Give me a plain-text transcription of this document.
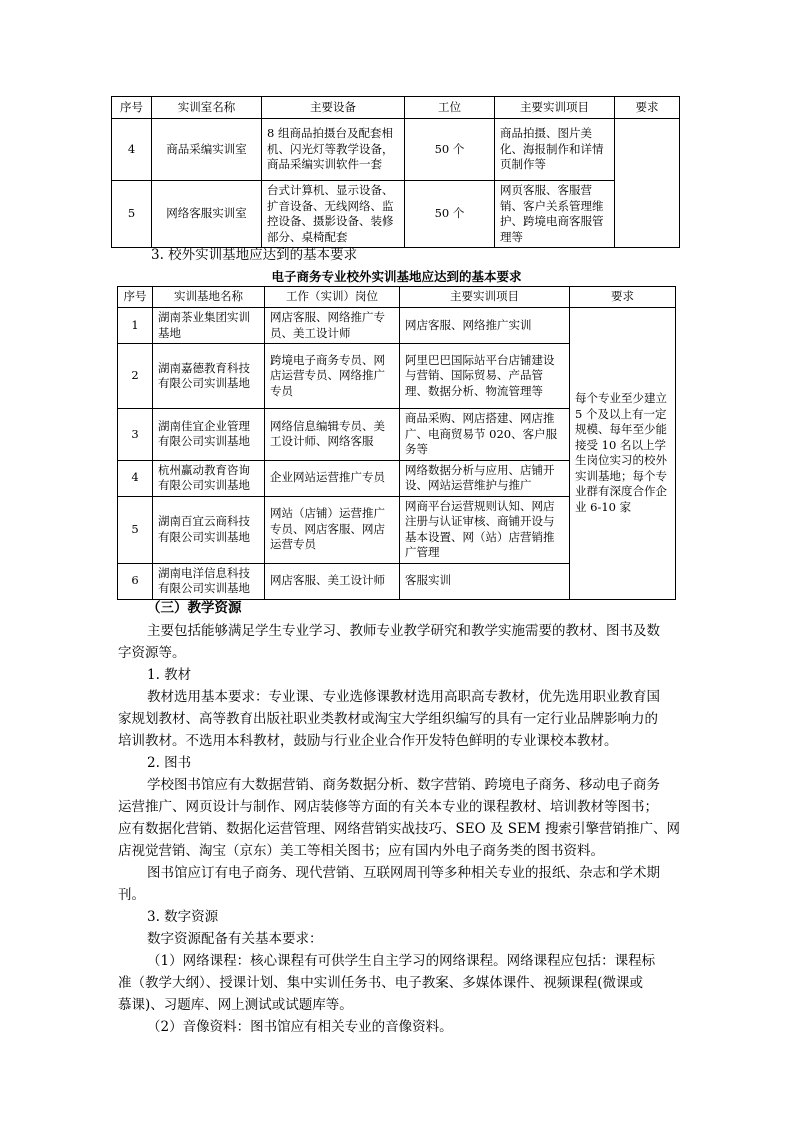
序号	实训室名称	主要设备	工位	主要实训项目	要求
4	商品采编实训室	8 组商品拍摄台及配套相机、闪光灯等教学设备，商品采编实训软件一套	50 个	商品拍摄、图片美化、海报制作和详情页制作等	
5	网络客服实训室	台式计算机、显示设备、扩音设备、无线网络、监控设备、摄影设备、装修部分、桌椅配套	50 个	网页客服、客服营销、客户关系管理维护、跨境电商客服管理等	
3. 校外实训基地应达到的基本要求
电子商务专业校外实训基地应达到的基本要求
序号	实训基地名称	工作（实训）岗位	主要实训项目	要求
1	湖南茶业集团实训基地	网店客服、网络推广专员、美工设计师	网店客服、网络推广实训	每个专业至少建立 5 个及以上有一定规模、每年至少能接受 10 名以上学生岗位实习的校外实训基地；每个专业群有深度合作企业 6-10 家
2	湖南嘉德教育科技有限公司实训基地	跨境电子商务专员、网店运营专员、网络推广专员	阿里巴巴国际站平台店铺建设与营销、国际贸易、产品管理、数据分析、物流管理等	
3	湖南佳宜企业管理有限公司实训基地	网络信息编辑专员、美工设计师、网络客服	商品采购、网店搭建、网店推广、电商贸易节 020、客户服务等	
4	杭州赢动教育咨询有限公司实训基地	企业网站运营推广专员	网络数据分析与应用、店铺开设、网站运营维护与推广	
5	湖南百宜云商科技有限公司实训基地	网站（店铺）运营推广专员、网店客服、网店运营专员	网商平台运营规则认知、网店注册与认证审核、商铺开设与基本设置、网（站）店营销推广管理	
6	湖南电洋信息科技有限公司实训基地	网店客服、美工设计师	客服实训	
（三）教学资源
主要包括能够满足学生专业学习、教师专业教学研究和教学实施需要的教材、图书及数
字资源等。
1. 教材
教材选用基本要求：专业课、专业选修课教材选用高职高专教材，优先选用职业教育国
家规划教材、高等教育出版社职业类教材或淘宝大学组织编写的具有一定行业品牌影响力的
培训教材。不选用本科教材，鼓励与行业企业合作开发特色鲜明的专业课校本教材。
2. 图书
学校图书馆应有大数据营销、商务数据分析、数字营销、跨境电子商务、移动电子商务
运营推广、网页设计与制作、网店装修等方面的有关本专业的课程教材、培训教材等图书；
应有数据化营销、数据化运营管理、网络营销实战技巧、SEO 及 SEM 搜索引擎营销推广、网
店视觉营销、淘宝（京东）美工等相关图书；应有国内外电子商务类的图书资料。
图书馆应订有电子商务、现代营销、互联网周刊等多种相关专业的报纸、杂志和学术期
刊。
3. 数字资源
数字资源配备有关基本要求：
（1）网络课程：核心课程有可供学生自主学习的网络课程。网络课程应包括：课程标
准（教学大纲）、授课计划、集中实训任务书、电子教案、多媒体课件、视频课程(微课或
慕课)、习题库、网上测试或试题库等。
（2）音像资料：图书馆应有相关专业的音像资料。
